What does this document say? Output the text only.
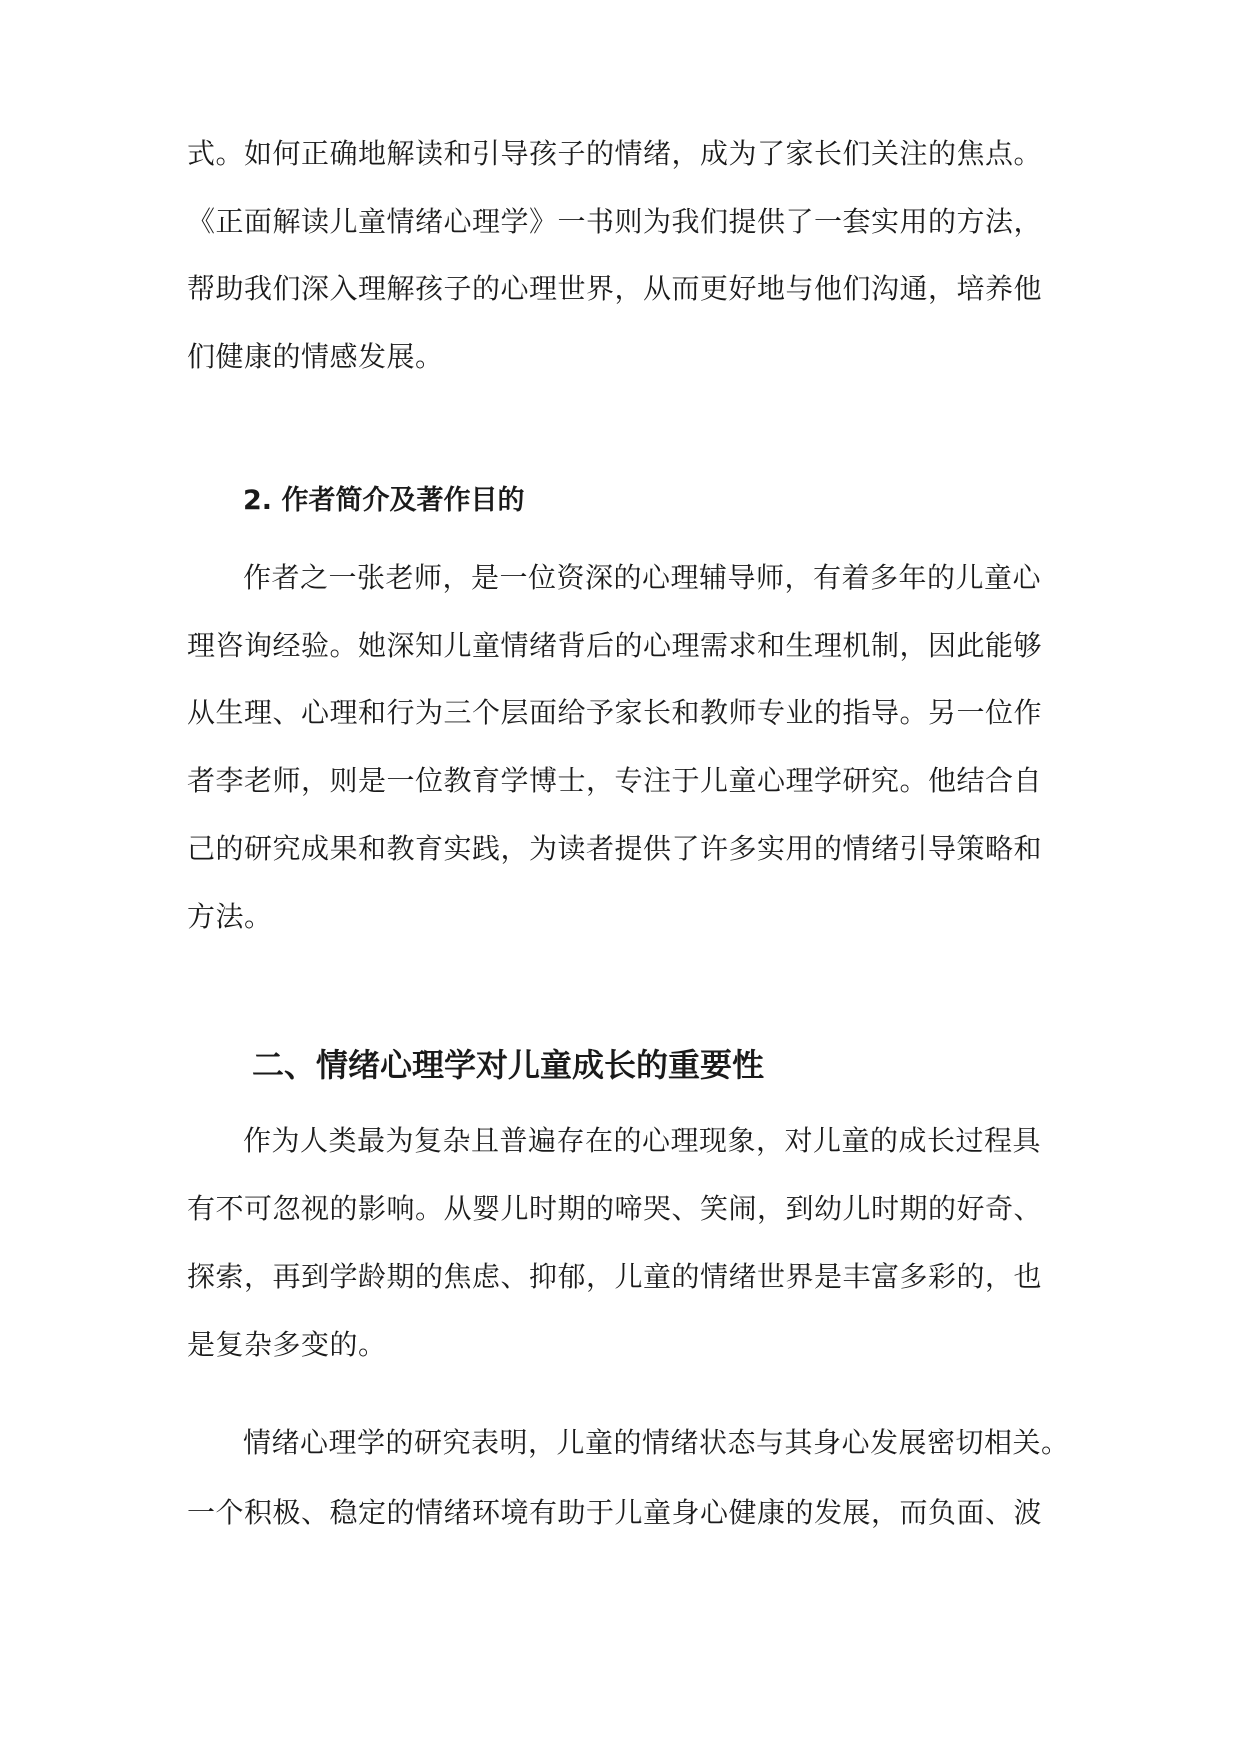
式。如何正确地解读和引导孩子的情绪，成为了家长们关注的焦点。
《正面解读儿童情绪心理学》一书则为我们提供了一套实用的方法，
帮助我们深入理解孩子的心理世界，从而更好地与他们沟通，培养他
们健康的情感发展。
2. 作者简介及著作目的
作者之一张老师，是一位资深的心理辅导师，有着多年的儿童心
理咨询经验。她深知儿童情绪背后的心理需求和生理机制，因此能够
从生理、心理和行为三个层面给予家长和教师专业的指导。另一位作
者李老师，则是一位教育学博士，专注于儿童心理学研究。他结合自
己的研究成果和教育实践，为读者提供了许多实用的情绪引导策略和
方法。
二、情绪心理学对儿童成长的重要性
作为人类最为复杂且普遍存在的心理现象，对儿童的成长过程具
有不可忽视的影响。从婴儿时期的啼哭、笑闹，到幼儿时期的好奇、
探索，再到学龄期的焦虑、抑郁，儿童的情绪世界是丰富多彩的，也
是复杂多变的。
情绪心理学的研究表明，儿童的情绪状态与其身心发展密切相关。
一个积极、稳定的情绪环境有助于儿童身心健康的发展，而负面、波
